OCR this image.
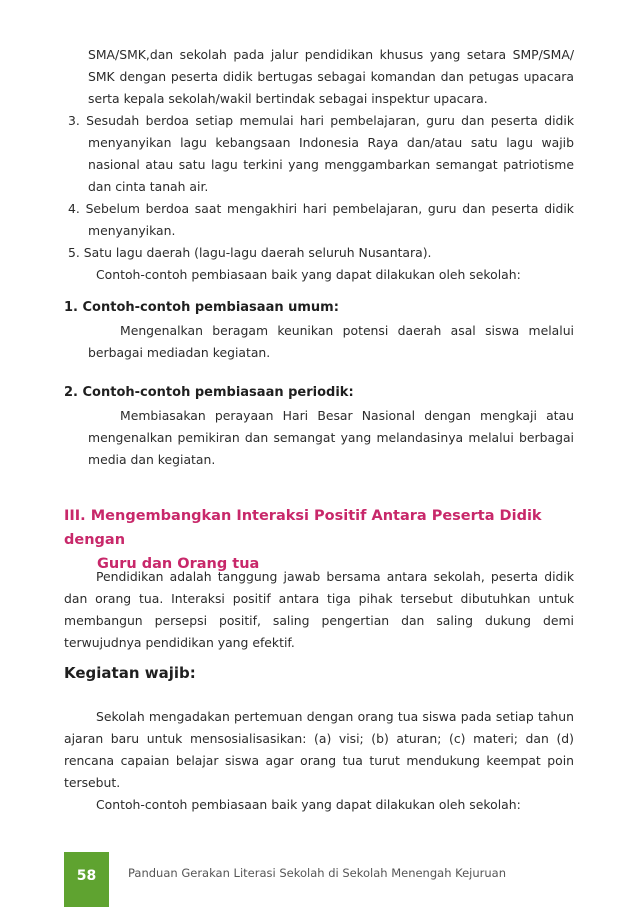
SMA/SMK,dan sekolah pada jalur pendidikan khusus yang setara SMP/SMA/ SMK dengan peserta didik bertugas sebagai komandan dan petugas upacara serta kepala sekolah/wakil bertindak sebagai inspektur upacara.

3. Sesudah berdoa setiap memulai hari pembelajaran, guru dan peserta didik menyanyikan lagu kebangsaan Indonesia Raya dan/atau satu lagu wajib nasional atau satu lagu terkini yang menggambarkan semangat patriotisme dan cinta tanah air.

4. Sebelum berdoa saat mengakhiri hari pembelajaran, guru dan peserta didik menyanyikan.

5. Satu lagu daerah (lagu-lagu daerah seluruh Nusantara).

Contoh-contoh pembiasaan baik yang dapat dilakukan oleh sekolah:

1. Contoh-contoh pembiasaan umum:

Mengenalkan beragam keunikan potensi daerah asal siswa melalui berbagai mediadan kegiatan.

2. Contoh-contoh pembiasaan periodik:

Membiasakan perayaan Hari Besar Nasional dengan mengkaji atau mengenalkan pemikiran dan semangat yang melandasinya melalui berbagai media dan kegiatan.

III. Mengembangkan Interaksi Positif Antara Peserta Didik dengan
Guru dan Orang tua

Pendidikan adalah tanggung jawab bersama antara sekolah, peserta didik dan orang tua. Interaksi positif antara tiga pihak tersebut dibutuhkan untuk membangun persepsi positif, saling pengertian dan saling dukung demi terwujudnya pendidikan yang efektif.

Kegiatan wajib:

Sekolah mengadakan pertemuan dengan orang tua siswa pada setiap tahun ajaran baru untuk mensosialisasikan: (a) visi; (b) aturan; (c) materi; dan (d) rencana capaian belajar siswa agar orang tua turut mendukung keempat poin tersebut.

Contoh-contoh pembiasaan baik yang dapat dilakukan oleh sekolah:

58	Panduan Gerakan Literasi Sekolah di Sekolah Menengah Kejuruan
